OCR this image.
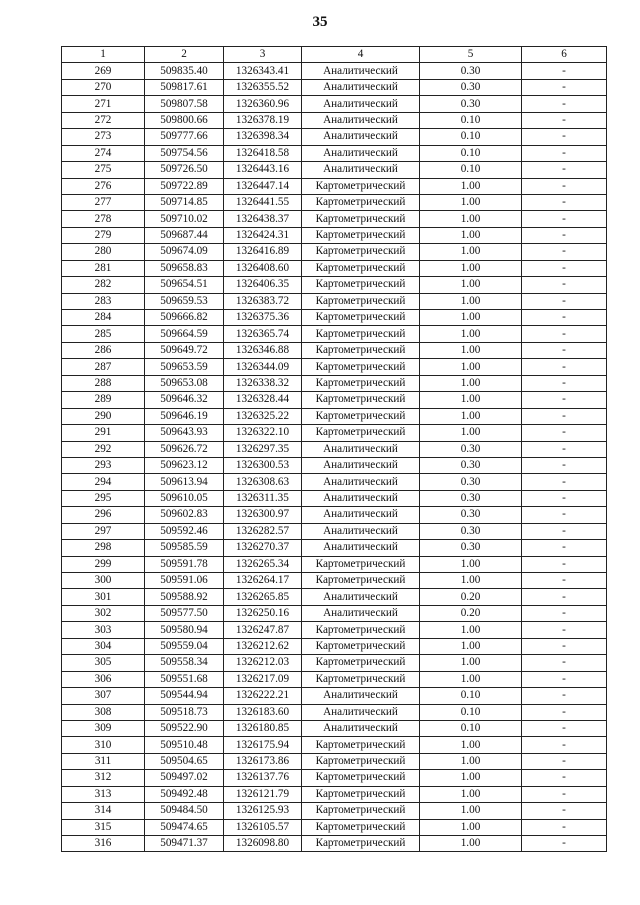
35
1	2	3	4	5	6
269	509835.40	1326343.41	Аналитический	0.30	-
270	509817.61	1326355.52	Аналитический	0.30	-
271	509807.58	1326360.96	Аналитический	0.30	-
272	509800.66	1326378.19	Аналитический	0.10	-
273	509777.66	1326398.34	Аналитический	0.10	-
274	509754.56	1326418.58	Аналитический	0.10	-
275	509726.50	1326443.16	Аналитический	0.10	-
276	509722.89	1326447.14	Картометрический	1.00	-
277	509714.85	1326441.55	Картометрический	1.00	-
278	509710.02	1326438.37	Картометрический	1.00	-
279	509687.44	1326424.31	Картометрический	1.00	-
280	509674.09	1326416.89	Картометрический	1.00	-
281	509658.83	1326408.60	Картометрический	1.00	-
282	509654.51	1326406.35	Картометрический	1.00	-
283	509659.53	1326383.72	Картометрический	1.00	-
284	509666.82	1326375.36	Картометрический	1.00	-
285	509664.59	1326365.74	Картометрический	1.00	-
286	509649.72	1326346.88	Картометрический	1.00	-
287	509653.59	1326344.09	Картометрический	1.00	-
288	509653.08	1326338.32	Картометрический	1.00	-
289	509646.32	1326328.44	Картометрический	1.00	-
290	509646.19	1326325.22	Картометрический	1.00	-
291	509643.93	1326322.10	Картометрический	1.00	-
292	509626.72	1326297.35	Аналитический	0.30	-
293	509623.12	1326300.53	Аналитический	0.30	-
294	509613.94	1326308.63	Аналитический	0.30	-
295	509610.05	1326311.35	Аналитический	0.30	-
296	509602.83	1326300.97	Аналитический	0.30	-
297	509592.46	1326282.57	Аналитический	0.30	-
298	509585.59	1326270.37	Аналитический	0.30	-
299	509591.78	1326265.34	Картометрический	1.00	-
300	509591.06	1326264.17	Картометрический	1.00	-
301	509588.92	1326265.85	Аналитический	0.20	-
302	509577.50	1326250.16	Аналитический	0.20	-
303	509580.94	1326247.87	Картометрический	1.00	-
304	509559.04	1326212.62	Картометрический	1.00	-
305	509558.34	1326212.03	Картометрический	1.00	-
306	509551.68	1326217.09	Картометрический	1.00	-
307	509544.94	1326222.21	Аналитический	0.10	-
308	509518.73	1326183.60	Аналитический	0.10	-
309	509522.90	1326180.85	Аналитический	0.10	-
310	509510.48	1326175.94	Картометрический	1.00	-
311	509504.65	1326173.86	Картометрический	1.00	-
312	509497.02	1326137.76	Картометрический	1.00	-
313	509492.48	1326121.79	Картометрический	1.00	-
314	509484.50	1326125.93	Картометрический	1.00	-
315	509474.65	1326105.57	Картометрический	1.00	-
316	509471.37	1326098.80	Картометрический	1.00	-
